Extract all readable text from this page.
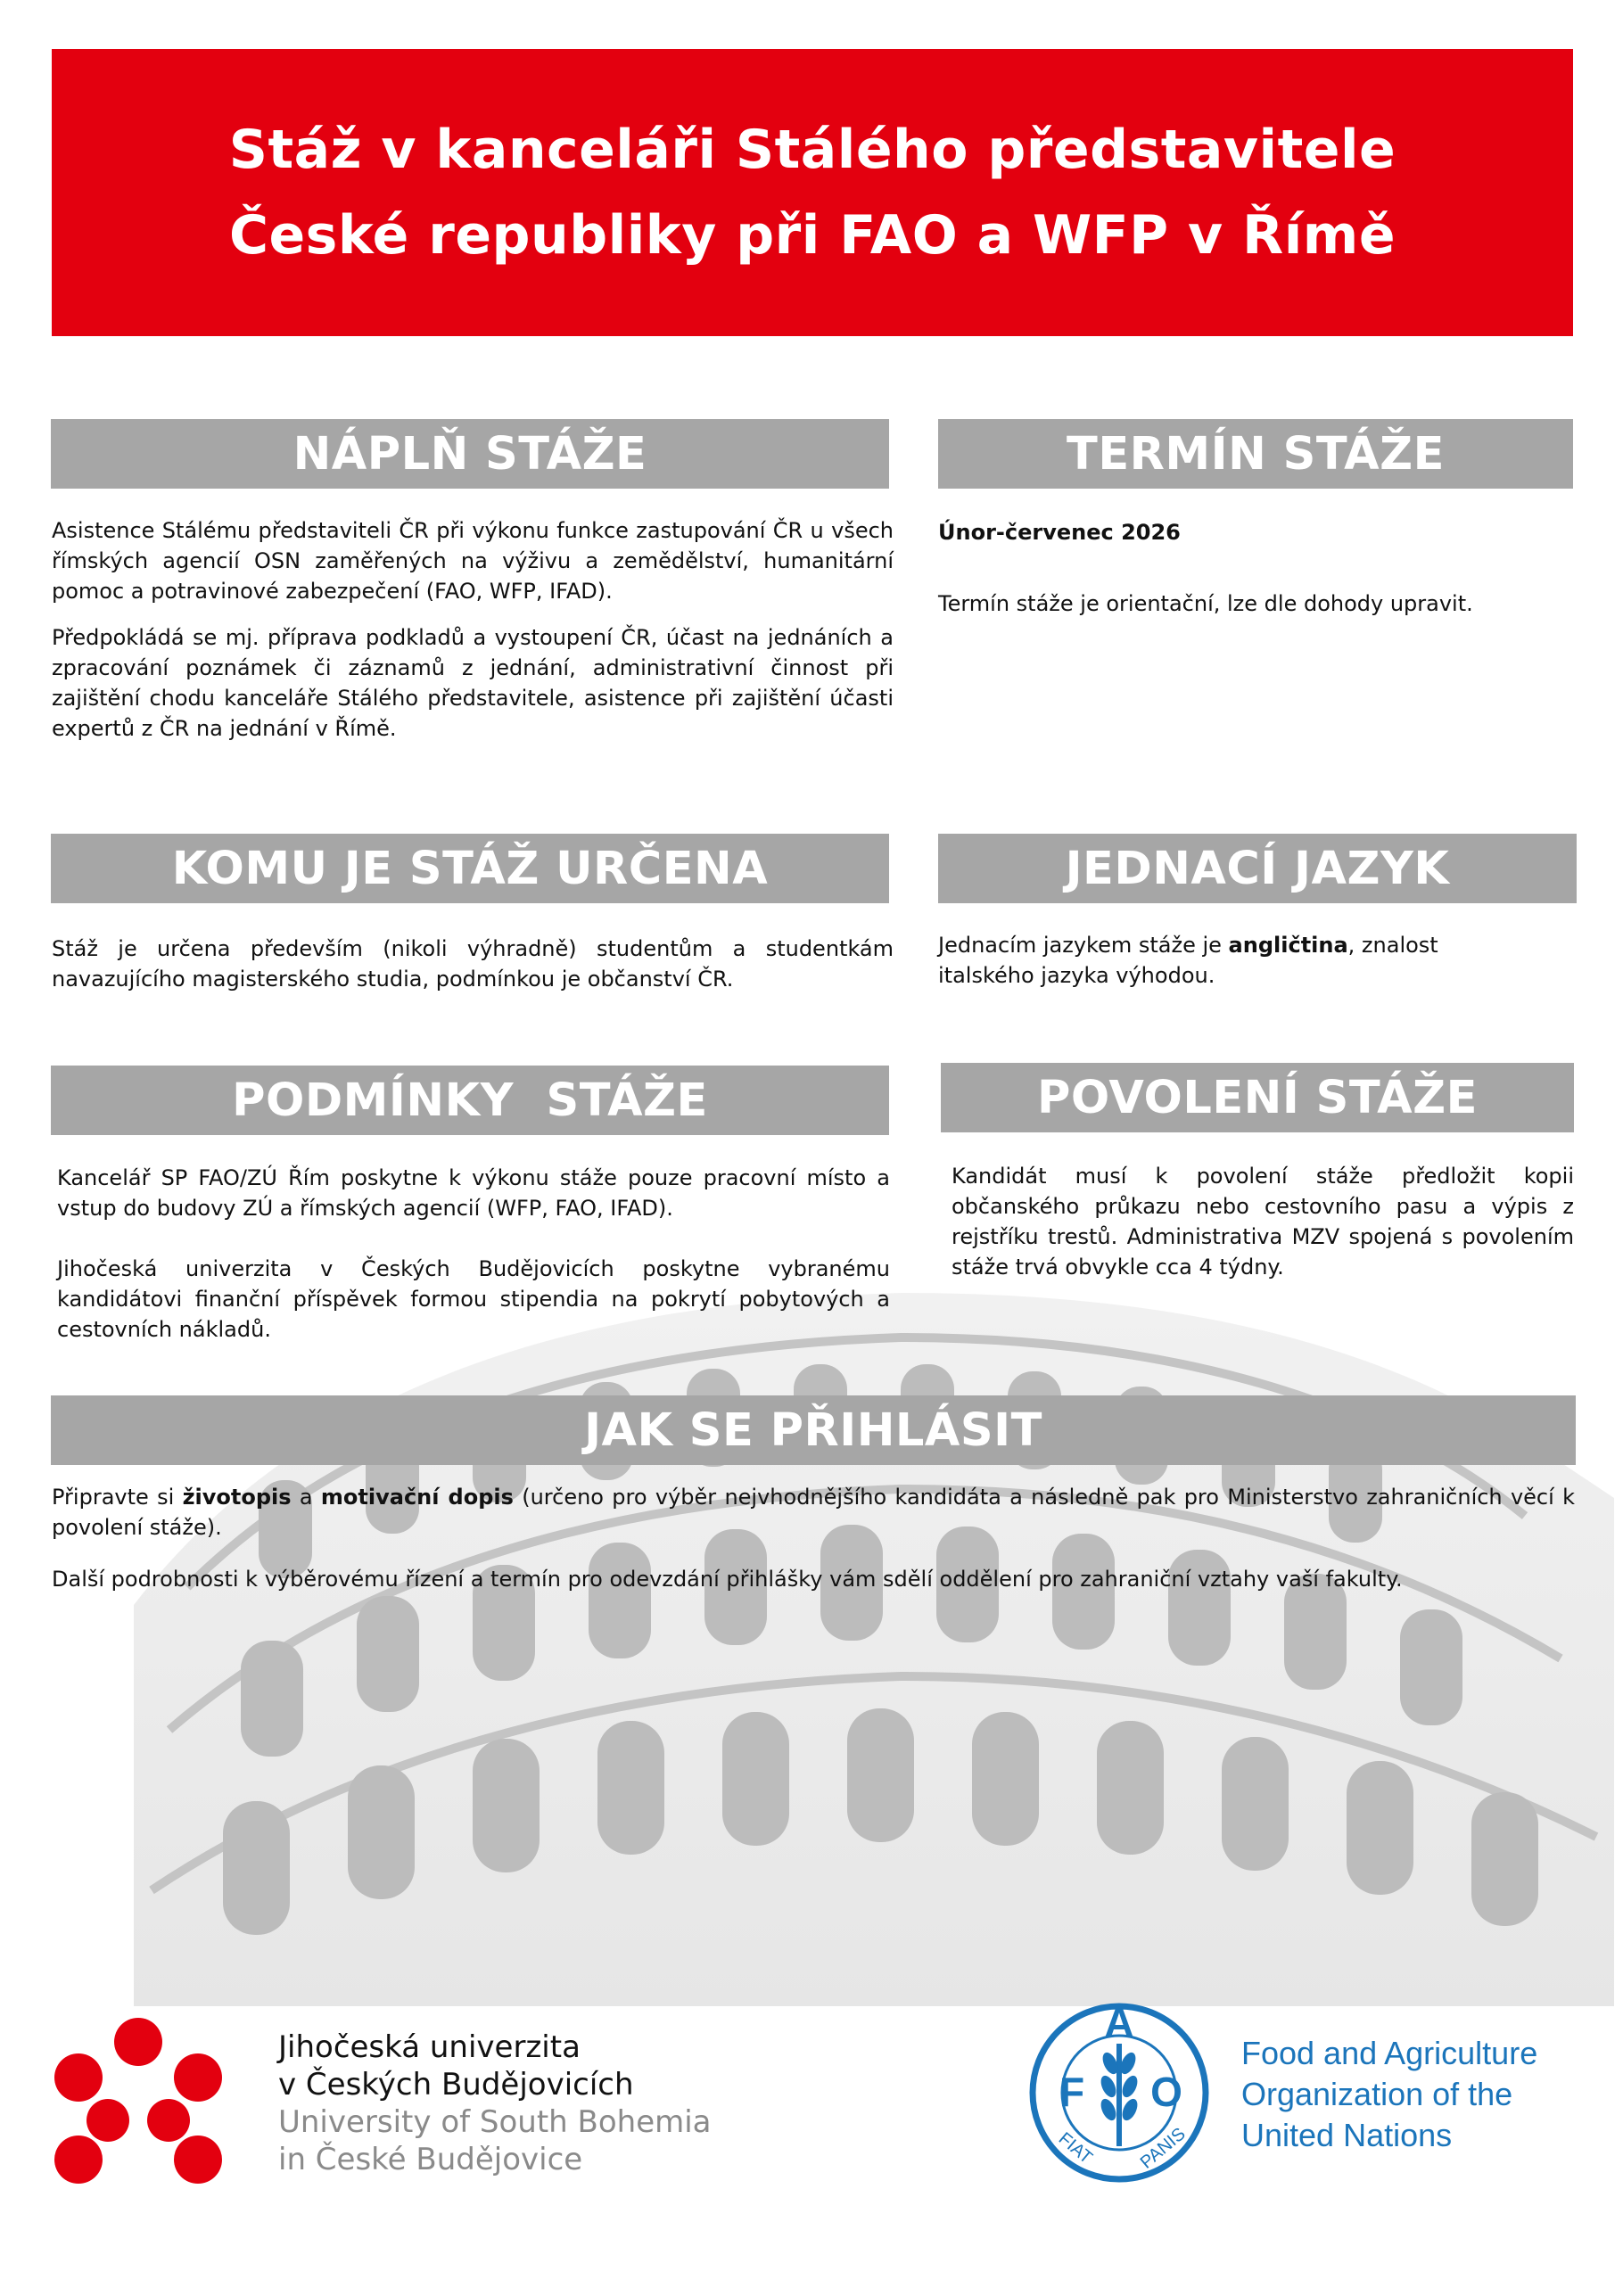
Stáž v kanceláři Stálého představitele
České republiky při FAO a WFP v Římě
NÁPLŇ STÁŽE

Asistence Stálému představiteli ČR při výkonu funkce zastupování ČR u všech římských agencií OSN zaměřených na výživu a zemědělství, humanitární pomoc a potravinové zabezpečení (FAO, WFP, IFAD).

Předpokládá se mj. příprava podkladů a vystoupení ČR, účast na jednáních a zpracování poznámek či záznamů z jednání, administrativní činnost při zajištění chodu kanceláře Stálého představitele, asistence při zajištění účasti expertů z ČR na jednání v Římě.

TERMÍN STÁŽE

Únor-červenec 2026

Termín stáže je orientační, lze dle dohody upravit.

KOMU JE STÁŽ URČENA

Stáž je určena především (nikoli výhradně) studentům a studentkám navazujícího magisterského studia, podmínkou je občanství ČR.

JEDNACÍ JAZYK

Jednacím jazykem stáže je angličtina, znalost italského jazyka výhodou.

PODMÍNKY  STÁŽE

Kancelář SP FAO/ZÚ Řím poskytne k výkonu stáže pouze pracovní místo a vstup do budovy ZÚ a římských agencií (WFP, FAO, IFAD).

Jihočeská univerzita v Českých Budějovicích poskytne vybranému kandidátovi finanční příspěvek formou stipendia na pokrytí pobytových a cestovních nákladů.

POVOLENÍ STÁŽE

Kandidát musí k povolení stáže předložit kopii občanského průkazu nebo cestovního pasu a výpis z rejstříku trestů. Administrativa MZV spojená s povolením stáže trvá obvykle cca 4 týdny.

JAK SE PŘIHLÁSIT

Připravte si životopis a motivační dopis (určeno pro výběr nejvhodnějšího kandidáta a následně pak pro Ministerstvo zahraničních věcí k povolení stáže).

Další podrobnosti k výběrovému řízení a termín pro odevzdání přihlášky vám sdělí oddělení pro zahraniční vztahy vaší fakulty.

Jihočeská univerzita
v Českých Budějovicích
University of South Bohemia
in České Budějovice
A
F O
FIAT PANIS
Food and Agriculture
Organization of the
United Nations
